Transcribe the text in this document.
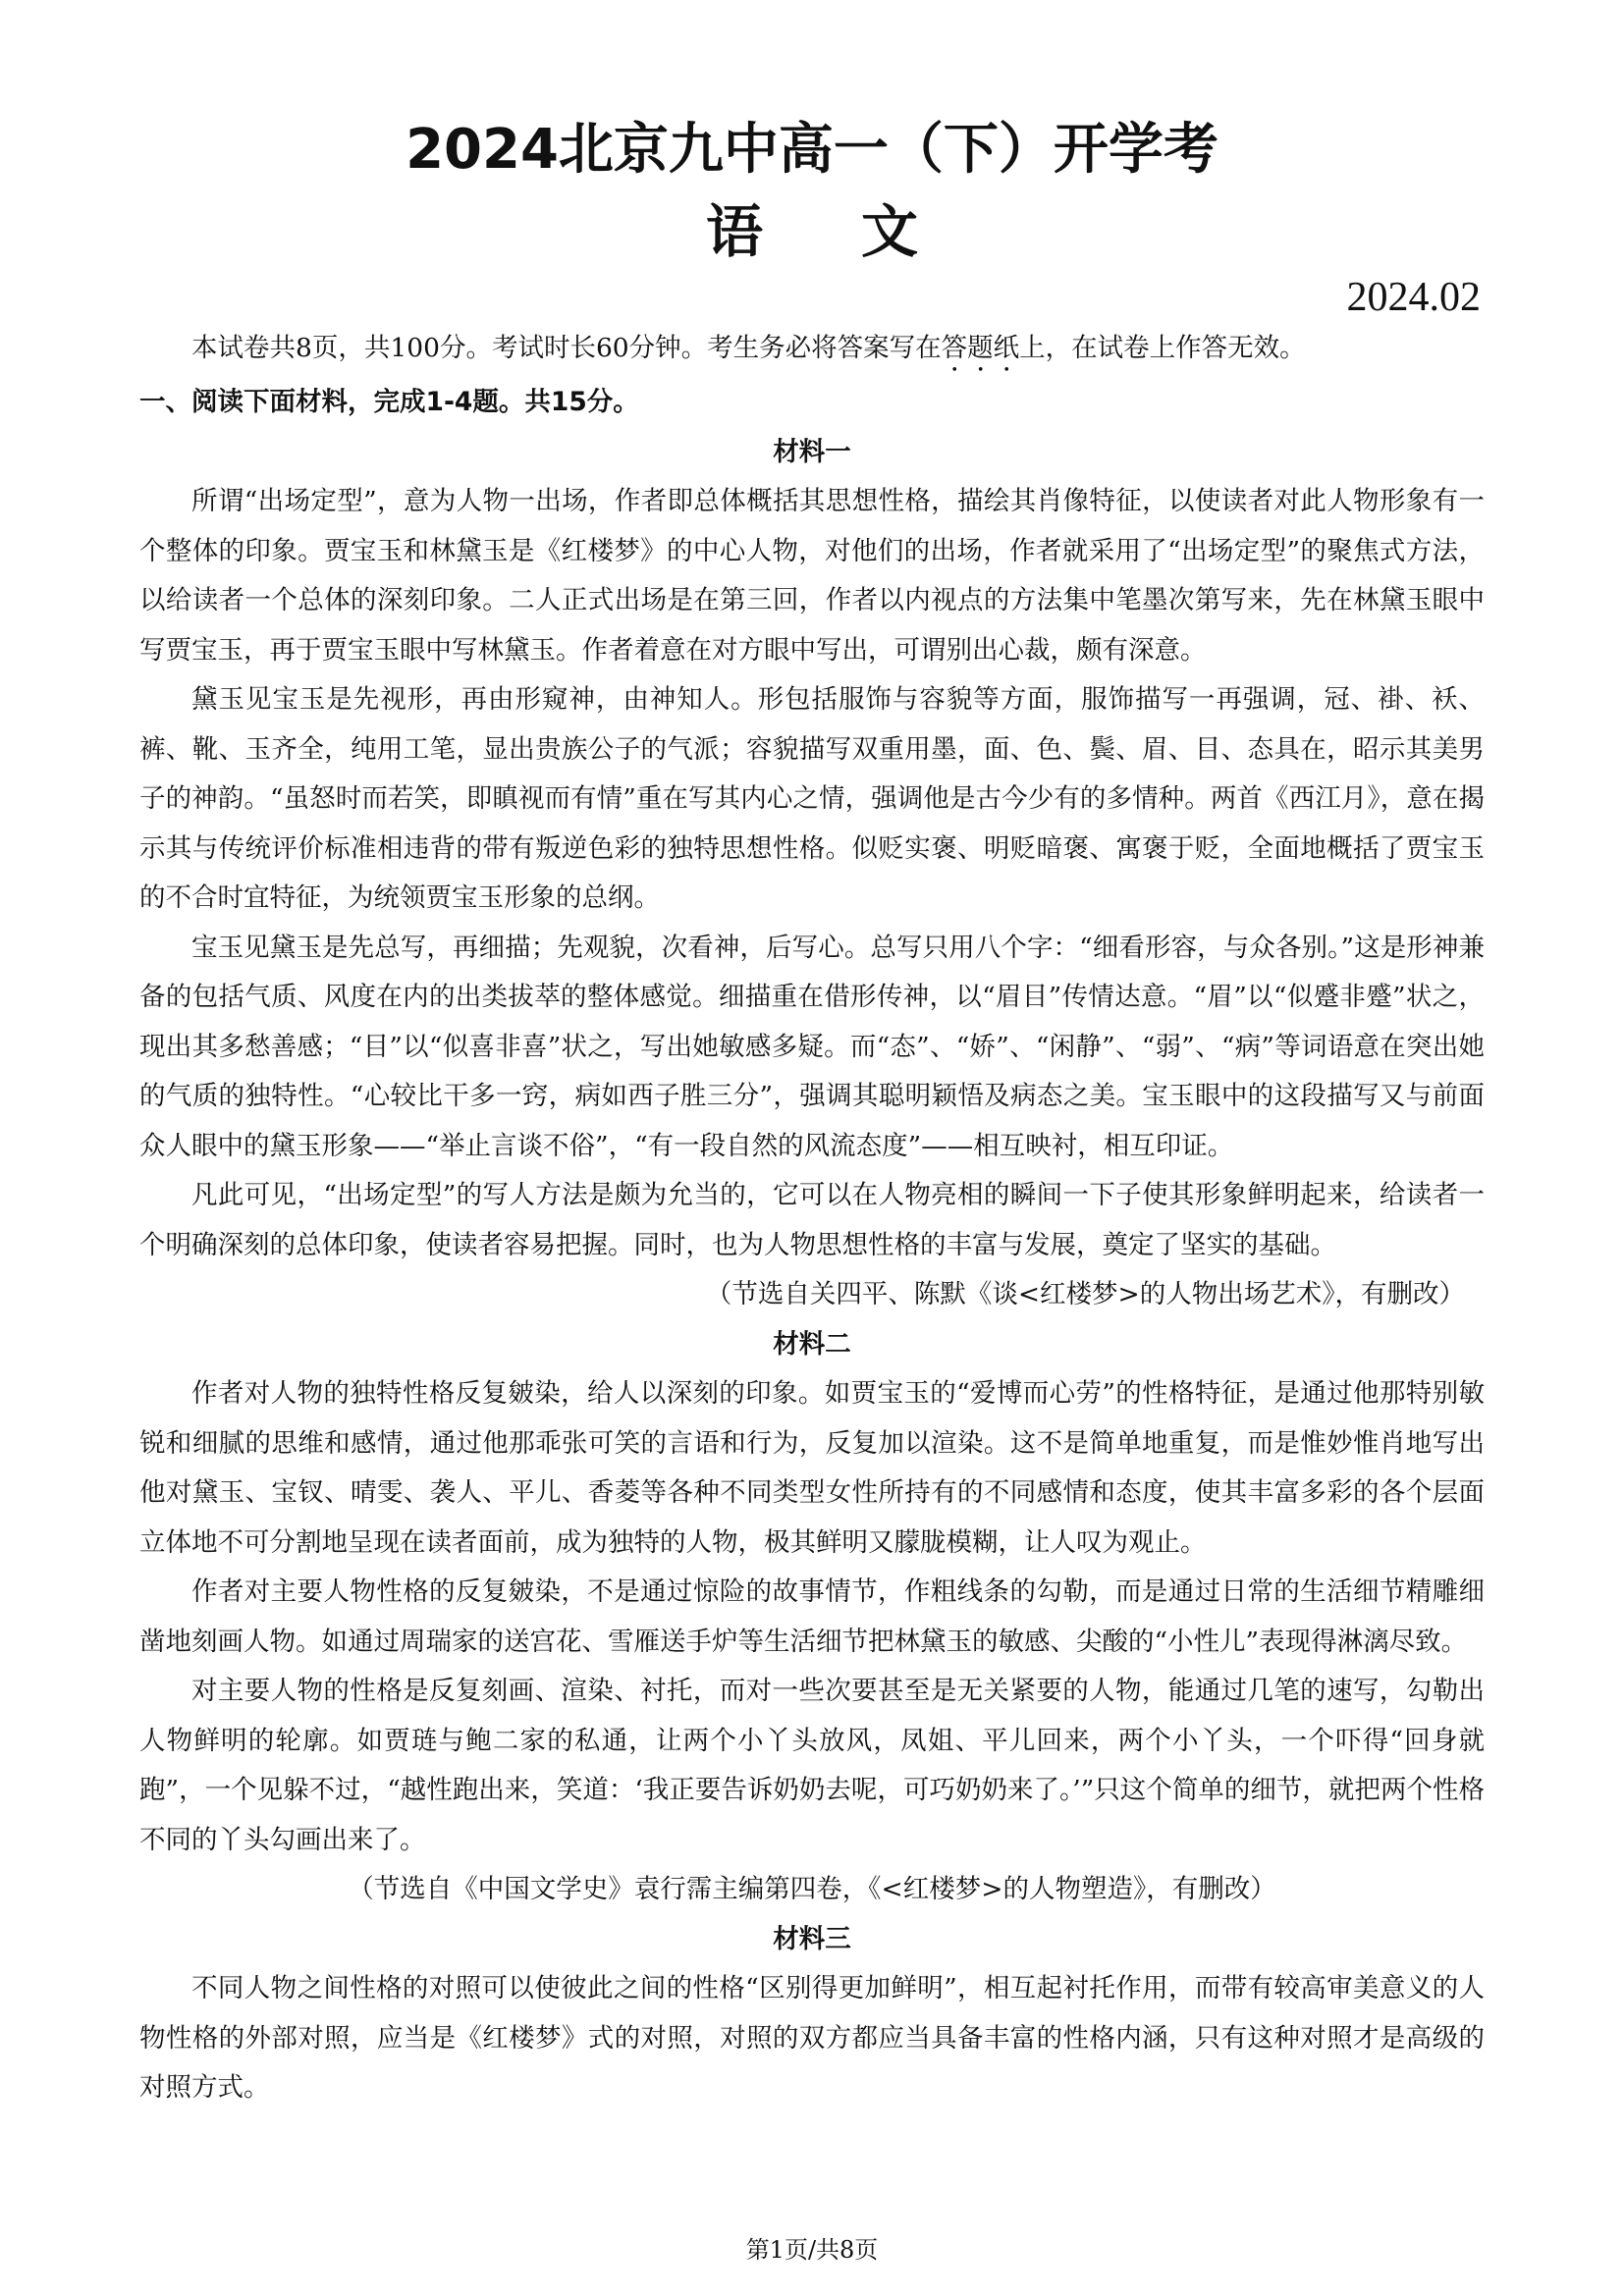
2024北京九中高一（下）开学考
语文
2024.02

本试卷共8页，共100分。考试时长60分钟。考生务必将答案写在答题纸上，在试卷上作答无效。

一、阅读下面材料，完成1-4题。共15分。

材料一

所谓“出场定型”，意为人物一出场，作者即总体概括其思想性格，描绘其肖像特征，以使读者对此人物形象有一个整体的印象。贾宝玉和林黛玉是《红楼梦》的中心人物，对他们的出场，作者就采用了“出场定型”的聚焦式方法，以给读者一个总体的深刻印象。二人正式出场是在第三回，作者以内视点的方法集中笔墨次第写来，先在林黛玉眼中写贾宝玉，再于贾宝玉眼中写林黛玉。作者着意在对方眼中写出，可谓别出心裁，颇有深意。

黛玉见宝玉是先视形，再由形窥神，由神知人。形包括服饰与容貌等方面，服饰描写一再强调，冠、褂、袄、裤、靴、玉齐全，纯用工笔，显出贵族公子的气派；容貌描写双重用墨，面、色、鬓、眉、目、态具在，昭示其美男子的神韵。“虽怒时而若笑，即瞋视而有情”重在写其内心之情，强调他是古今少有的多情种。两首《西江月》，意在揭示其与传统评价标准相违背的带有叛逆色彩的独特思想性格。似贬实褒、明贬暗褒、寓褒于贬，全面地概括了贾宝玉的不合时宜特征，为统领贾宝玉形象的总纲。

宝玉见黛玉是先总写，再细描；先观貌，次看神，后写心。总写只用八个字：“细看形容，与众各别。”这是形神兼备的包括气质、风度在内的出类拔萃的整体感觉。细描重在借形传神，以“眉目”传情达意。“眉”以“似蹙非蹙”状之，现出其多愁善感；“目”以“似喜非喜”状之，写出她敏感多疑。而“态”、“娇”、“闲静”、“弱”、“病”等词语意在突出她的气质的独特性。“心较比干多一窍，病如西子胜三分”，强调其聪明颖悟及病态之美。宝玉眼中的这段描写又与前面众人眼中的黛玉形象——“举止言谈不俗”，“有一段自然的风流态度”——相互映衬，相互印证。

凡此可见，“出场定型”的写人方法是颇为允当的，它可以在人物亮相的瞬间一下子使其形象鲜明起来，给读者一个明确深刻的总体印象，使读者容易把握。同时，也为人物思想性格的丰富与发展，奠定了坚实的基础。

（节选自关四平、陈默《谈<红楼梦>的人物出场艺术》，有删改）

材料二

作者对人物的独特性格反复皴染，给人以深刻的印象。如贾宝玉的“爱博而心劳”的性格特征，是通过他那特别敏锐和细腻的思维和感情，通过他那乖张可笑的言语和行为，反复加以渲染。这不是简单地重复，而是惟妙惟肖地写出他对黛玉、宝钗、晴雯、袭人、平儿、香菱等各种不同类型女性所持有的不同感情和态度，使其丰富多彩的各个层面立体地不可分割地呈现在读者面前，成为独特的人物，极其鲜明又朦胧模糊，让人叹为观止。

作者对主要人物性格的反复皴染，不是通过惊险的故事情节，作粗线条的勾勒，而是通过日常的生活细节精雕细凿地刻画人物。如通过周瑞家的送宫花、雪雁送手炉等生活细节把林黛玉的敏感、尖酸的“小性儿”表现得淋漓尽致。

对主要人物的性格是反复刻画、渲染、衬托，而对一些次要甚至是无关紧要的人物，能通过几笔的速写，勾勒出人物鲜明的轮廓。如贾琏与鲍二家的私通，让两个小丫头放风，凤姐、平儿回来，两个小丫头，一个吓得“回身就跑”，一个见躲不过，“越性跑出来，笑道：‘我正要告诉奶奶去呢，可巧奶奶来了。’”只这个简单的细节，就把两个性格不同的丫头勾画出来了。

（节选自《中国文学史》袁行霈主编第四卷，《<红楼梦>的人物塑造》，有删改）

材料三

不同人物之间性格的对照可以使彼此之间的性格“区别得更加鲜明”，相互起衬托作用，而带有较高审美意义的人物性格的外部对照，应当是《红楼梦》式的对照，对照的双方都应当具备丰富的性格内涵，只有这种对照才是高级的对照方式。

第1页/共8页
